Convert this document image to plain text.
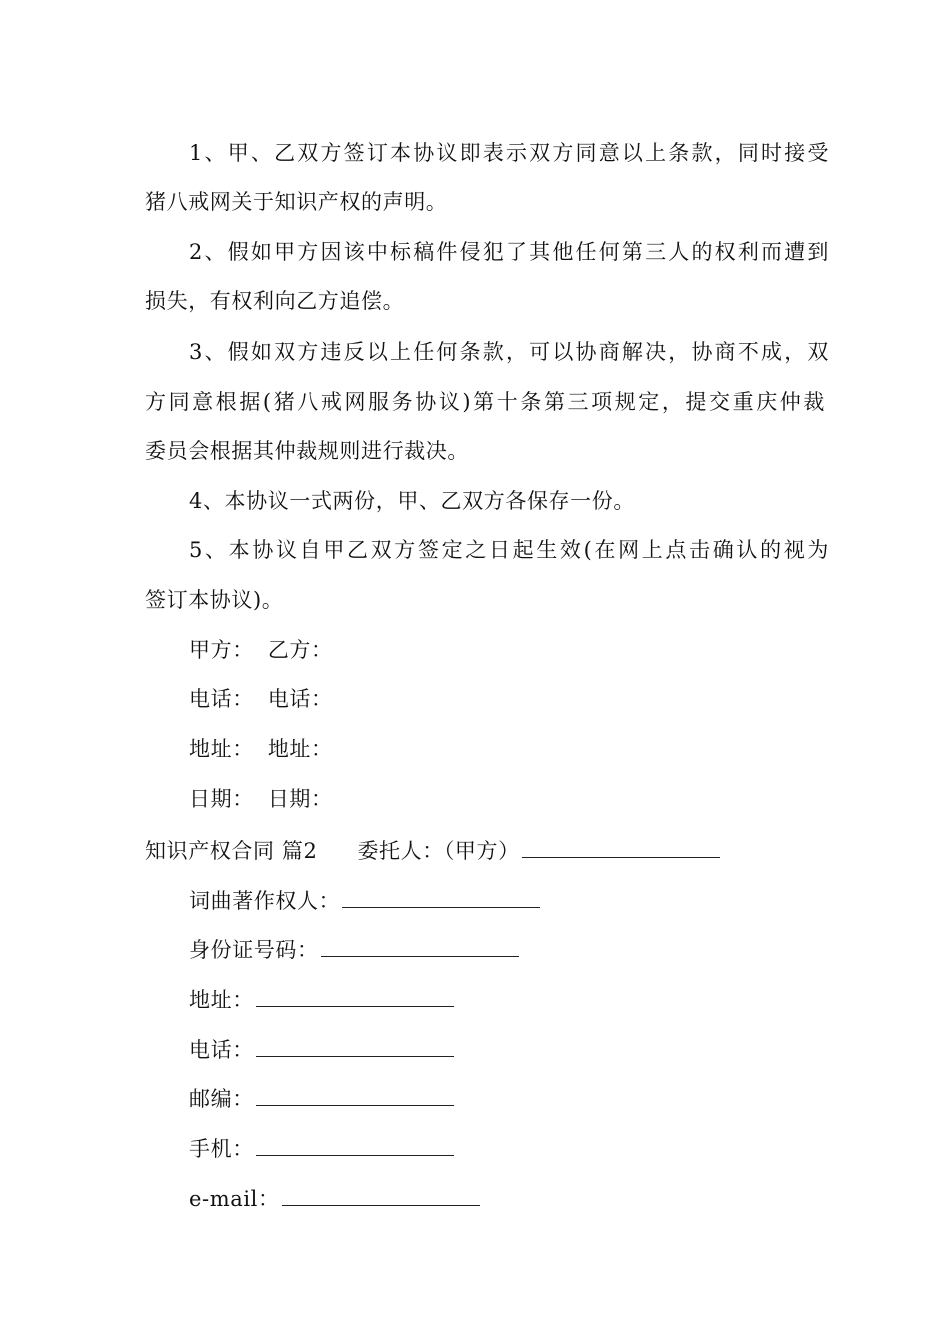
1、甲、乙双方签订本协议即表示双方同意以上条款，同时接受
猪八戒网关于知识产权的声明。
2、假如甲方因该中标稿件侵犯了其他任何第三人的权利而遭到
损失，有权利向乙方追偿。
3、假如双方违反以上任何条款，可以协商解决，协商不成，双
方同意根据(猪八戒网服务协议)第十条第三项规定，提交重庆仲裁
委员会根据其仲裁规则进行裁决。
4、本协议一式两份，甲、乙双方各保存一份。
5、本协议自甲乙双方签定之日起生效(在网上点击确认的视为
签订本协议)。
甲方： 乙方：
电话： 电话：
地址： 地址：
日期： 日期：
知识产权合同 篇2 委托人：（甲方）
词曲著作权人：
身份证号码：
地址：
电话：
邮编：
手机：
e-mail：
